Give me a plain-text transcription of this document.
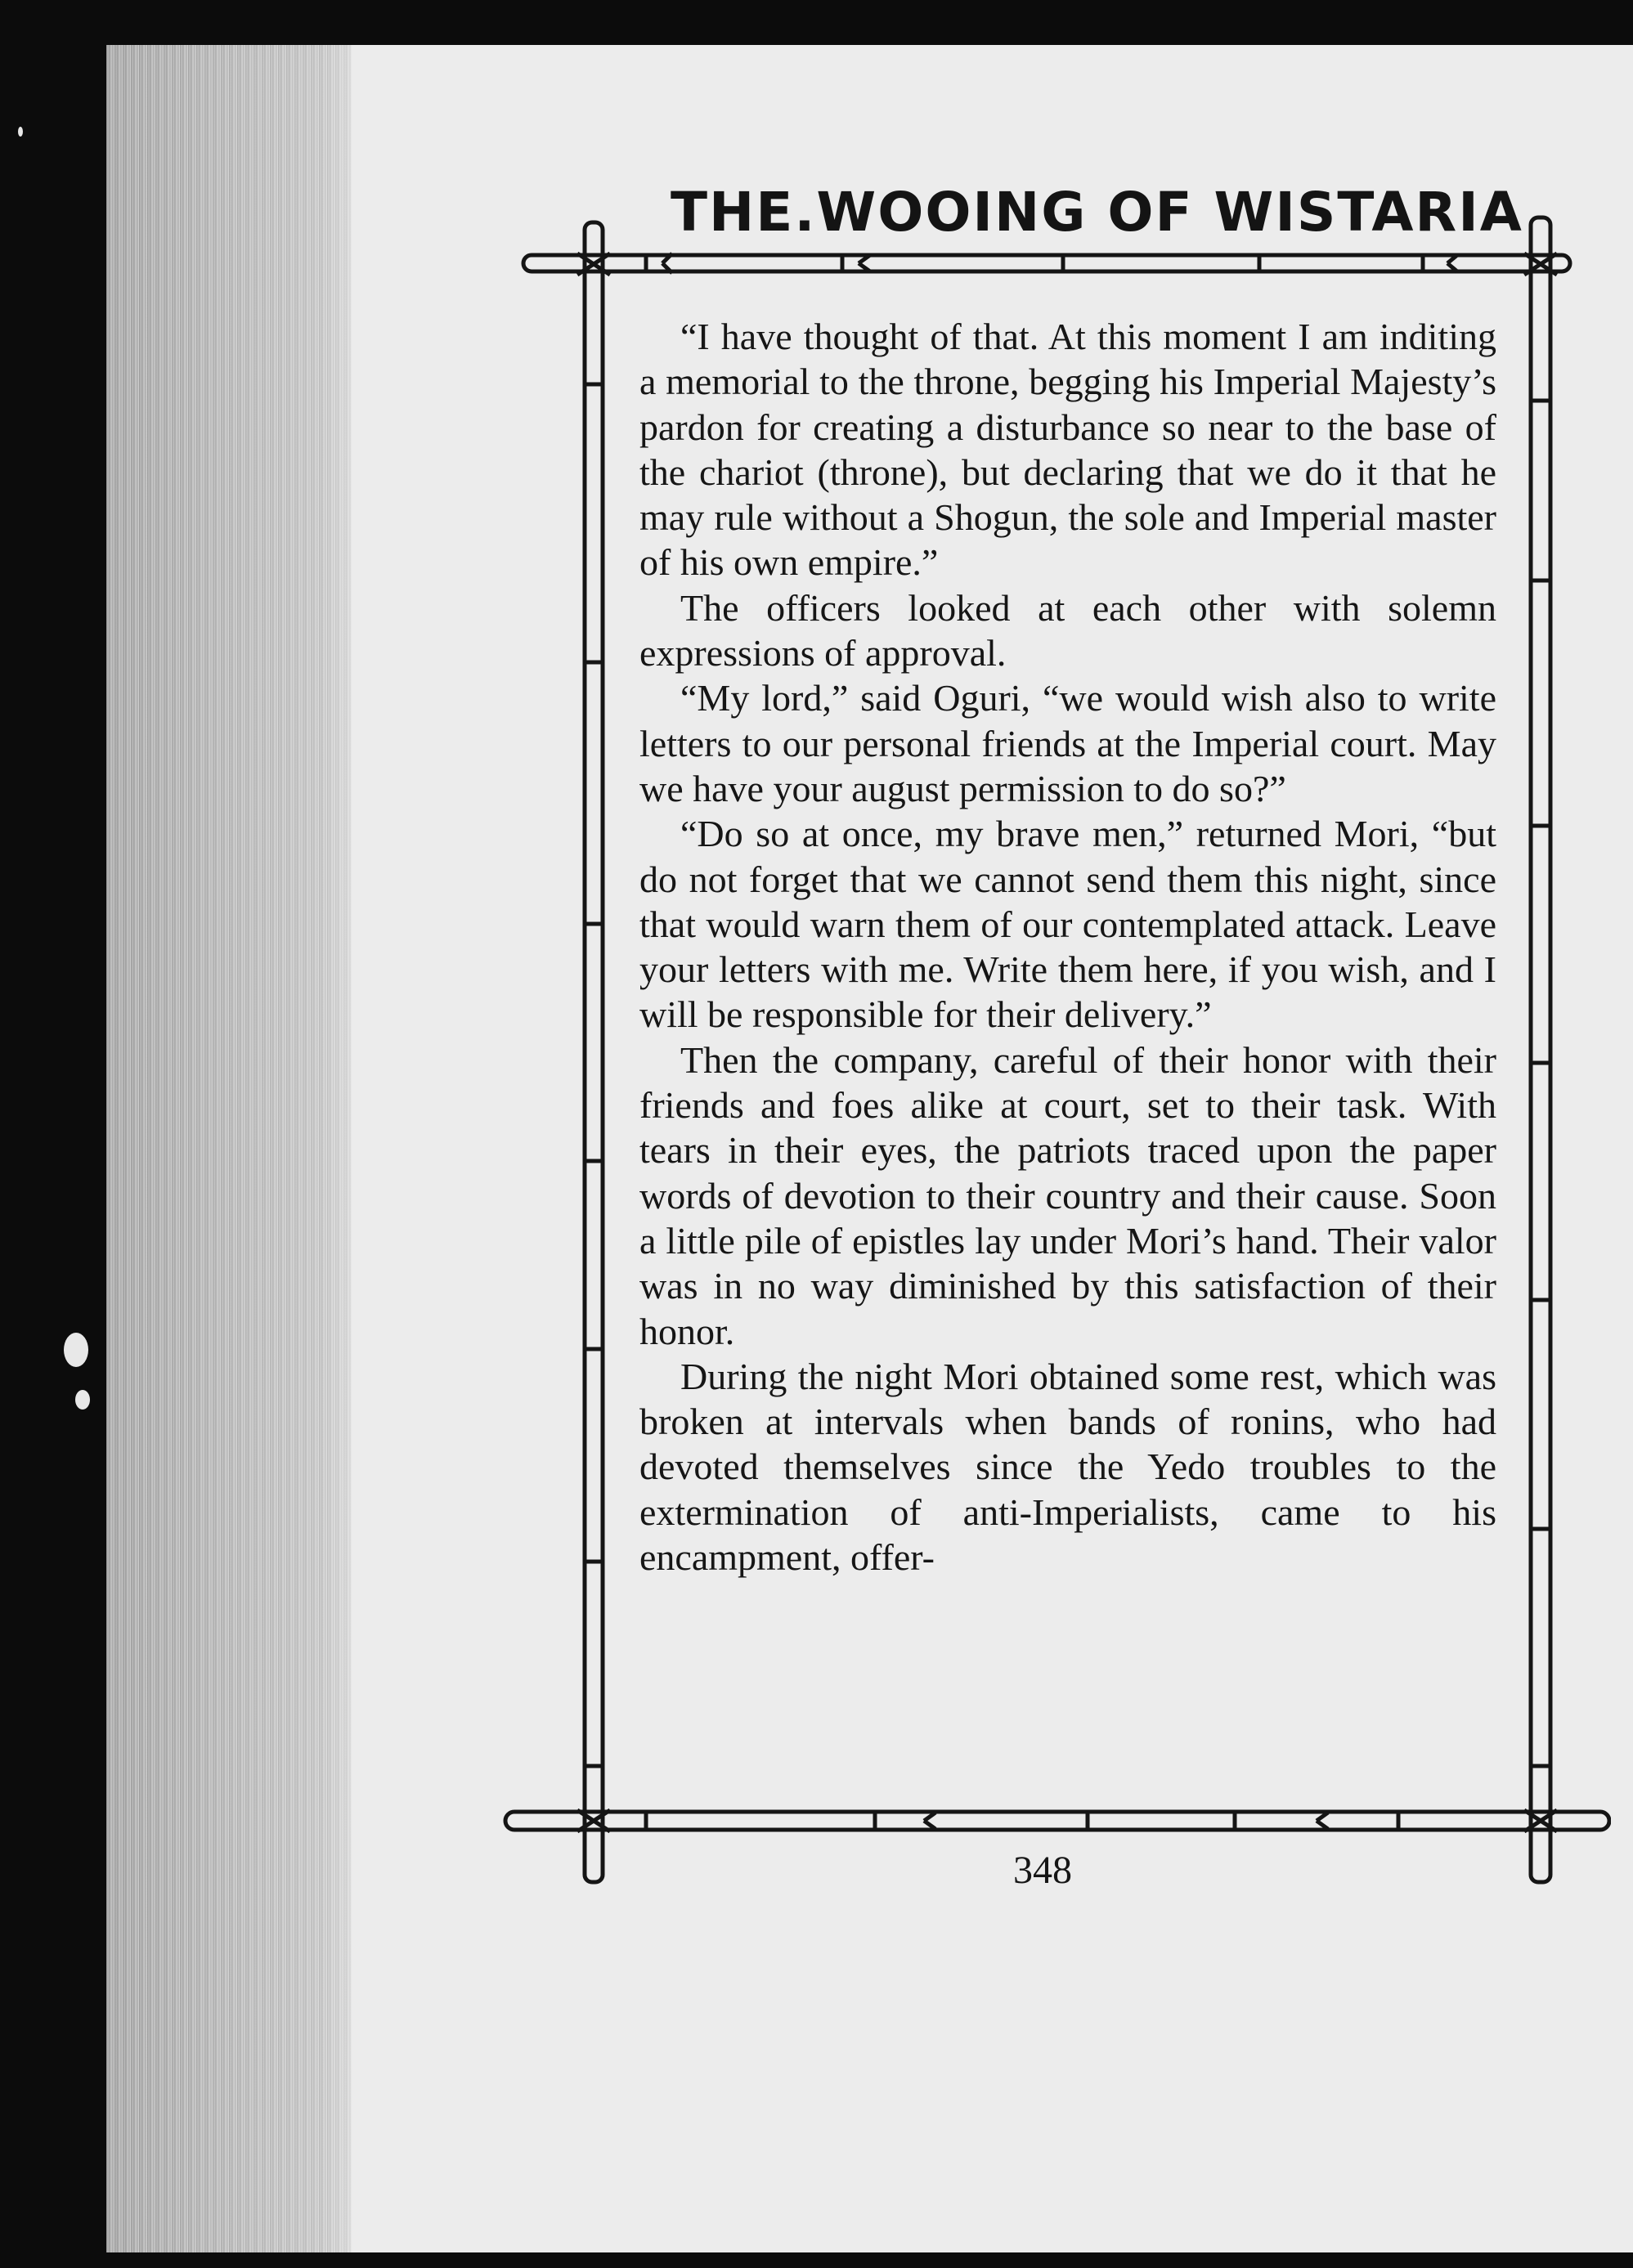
THE.WOOING OF WISTARIA

“I have thought of that. At this moment I am inditing a memorial to the throne, begging his Imperial Majesty’s pardon for creating a disturbance so near to the base of the chariot (throne), but declaring that we do it that he may rule without a Shogun, the sole and Imperial master of his own empire.”

The officers looked at each other with solemn expressions of approval.

“My lord,” said Oguri, “we would wish also to write letters to our personal friends at the Imperial court. May we have your august permission to do so?”

“Do so at once, my brave men,” returned Mori, “but do not forget that we cannot send them this night, since that would warn them of our contemplated attack. Leave your letters with me. Write them here, if you wish, and I will be responsible for their delivery.”

Then the company, careful of their honor with their friends and foes alike at court, set to their task. With tears in their eyes, the patriots traced upon the paper words of devotion to their country and their cause. Soon a little pile of epistles lay under Mori’s hand. Their valor was in no way diminished by this satisfaction of their honor.

During the night Mori obtained some rest, which was broken at intervals when bands of ronins, who had devoted themselves since the Yedo troubles to the extermination of anti-Imperialists, came to his encampment, offer-

348
